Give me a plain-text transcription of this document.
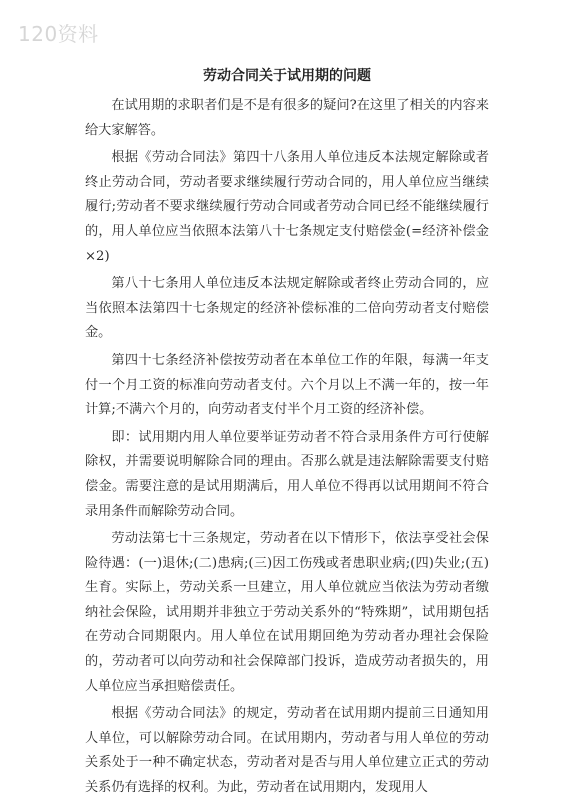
120资料
劳动合同关于试用期的问题

在试用期的求职者们是不是有很多的疑问?在这里了相关的内容来给大家解答。

根据《劳动合同法》第四十八条用人单位违反本法规定解除或者终止劳动合同，劳动者要求继续履行劳动合同的，用人单位应当继续履行;劳动者不要求继续履行劳动合同或者劳动合同已经不能继续履行的，用人单位应当依照本法第八十七条规定支付赔偿金(=经济补偿金×2)

第八十七条用人单位违反本法规定解除或者终止劳动合同的，应当依照本法第四十七条规定的经济补偿标准的二倍向劳动者支付赔偿金。

第四十七条经济补偿按劳动者在本单位工作的年限，每满一年支付一个月工资的标准向劳动者支付。六个月以上不满一年的，按一年计算;不满六个月的，向劳动者支付半个月工资的经济补偿。

即：试用期内用人单位要举证劳动者不符合录用条件方可行使解除权，并需要说明解除合同的理由。否那么就是违法解除需要支付赔偿金。需要注意的是试用期满后，用人单位不得再以试用期间不符合录用条件而解除劳动合同。

劳动法第七十三条规定，劳动者在以下情形下，依法享受社会保险待遇：(一)退休;(二)患病;(三)因工伤残或者患职业病;(四)失业;(五)生育。实际上，劳动关系一旦建立，用人单位就应当依法为劳动者缴纳社会保险，试用期并非独立于劳动关系外的“特殊期”，试用期包括在劳动合同期限内。用人单位在试用期回绝为劳动者办理社会保险的，劳动者可以向劳动和社会保障部门投诉，造成劳动者损失的，用人单位应当承担赔偿责任。

根据《劳动合同法》的规定，劳动者在试用期内提前三日通知用人单位，可以解除劳动合同。在试用期内，劳动者与用人单位的劳动关系处于一种不确定状态，劳动者对是否与用人单位建立正式的劳动关系仍有选择的权利。为此，劳动者在试用期内，发现用人
